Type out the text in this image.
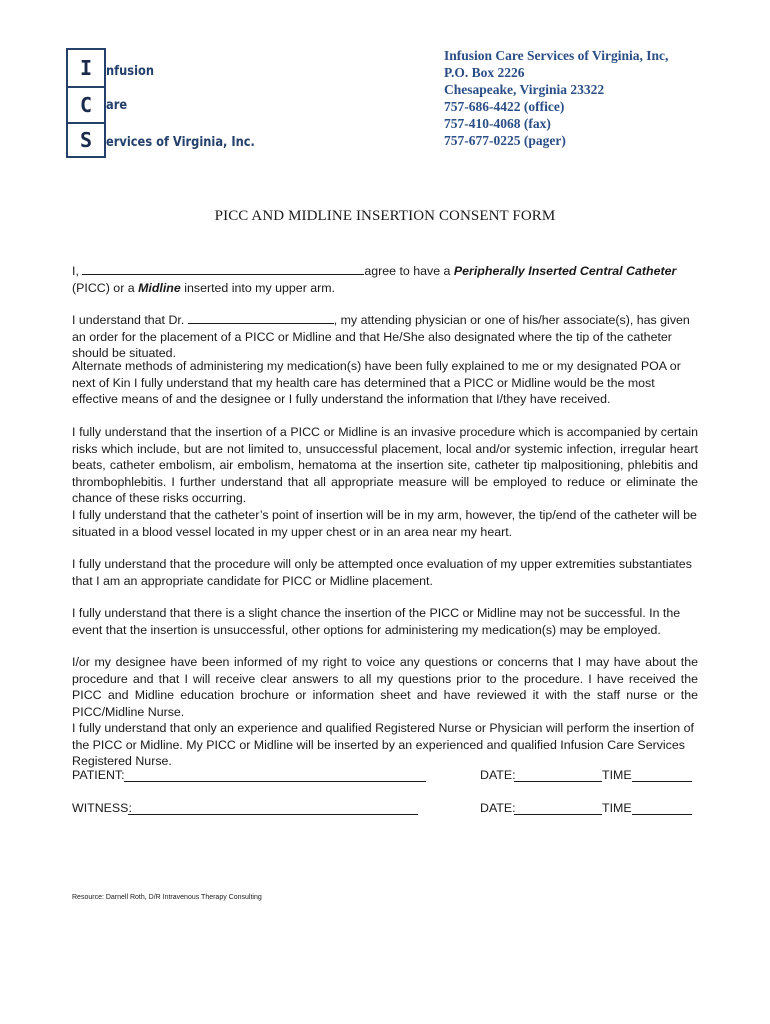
I
C
S
nfusion
are
ervices of Virginia, Inc.
Infusion Care Services of Virginia, Inc,
P.O. Box 2226
Chesapeake, Virginia 23322
757-686-4422 (office)
757-410-4068 (fax)
757-677-0225 (pager)
PICC AND MIDLINE INSERTION CONSENT FORM

I,	agree to have a Peripherally Inserted Central Catheter (PICC) or a Midline inserted into my upper arm.

I understand that Dr.	, my attending physician or one of his/her associate(s), has given an order for the placement of a PICC or Midline and that He/She also designated where the tip of the catheter should be situated.

Alternate methods of administering my medication(s) have been fully explained to me or my designated POA or next of Kin I fully understand that my health care has determined that a PICC or Midline would be the most effective means of and the designee or I fully understand the information that I/they have received.

I fully understand that the insertion of a PICC or Midline is an invasive procedure which is accompanied by certain risks which include, but are not limited to, unsuccessful placement, local and/or systemic infection, irregular heart beats, catheter embolism, air embolism, hematoma at the insertion site, catheter tip malpositioning, phlebitis and thrombophlebitis. I further understand that all appropriate measure will be employed to reduce or eliminate the chance of these risks occurring.

I fully understand that the catheter’s point of insertion will be in my arm, however, the tip/end of the catheter will be situated in a blood vessel located in my upper chest or in an area near my heart.

I fully understand that the procedure will only be attempted once evaluation of my upper extremities substantiates that I am an appropriate candidate for PICC or Midline placement.

I fully understand that there is a slight chance the insertion of the PICC or Midline may not be successful. In the event that the insertion is unsuccessful, other options for administering my medication(s) may be employed.

I/or my designee have been informed of my right to voice any questions or concerns that I may have about the procedure and that I will receive clear answers to all my questions prior to the procedure. I have received the PICC and Midline education brochure or information sheet and have reviewed it with the staff nurse or the PICC/Midline Nurse.

I fully understand that only an experience and qualified Registered Nurse or Physician will perform the insertion of the PICC or Midline. My PICC or Midline will be inserted by an experienced and qualified Infusion Care Services Registered Nurse.

PATIENT:	DATE:	TIME
WITNESS:	DATE:	TIME
Resource: Darnell Roth, D/R Intravenous Therapy Consulting
